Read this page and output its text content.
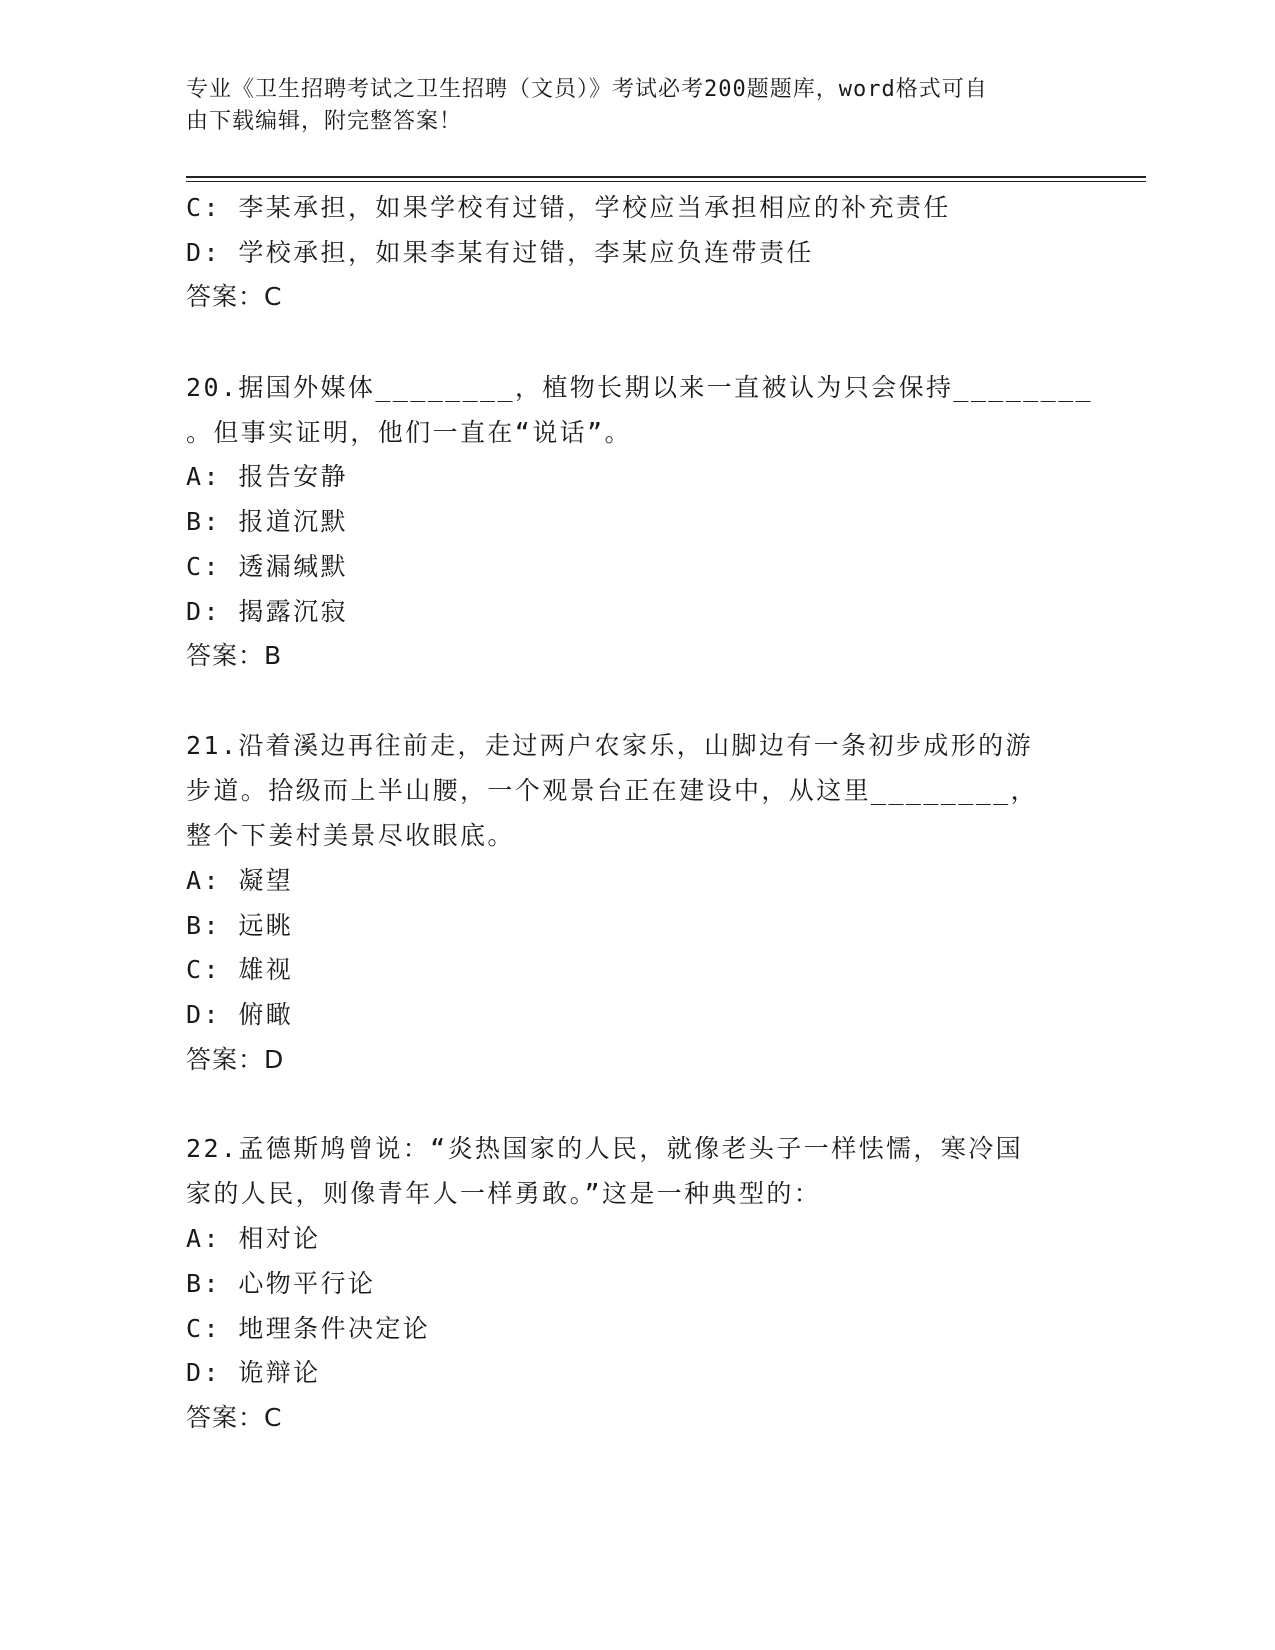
专业《卫生招聘考试之卫生招聘（文员）》考试必考200题题库，word格式可自
由下载编辑，附完整答案！
C: 李某承担，如果学校有过错，学校应当承担相应的补充责任
D: 学校承担，如果李某有过错，李某应负连带责任
答案：C
20.据国外媒体________，植物长期以来一直被认为只会保持________
。但事实证明，他们一直在“说话”。
A: 报告安静
B: 报道沉默
C: 透漏缄默
D: 揭露沉寂
答案：B
21.沿着溪边再往前走，走过两户农家乐，山脚边有一条初步成形的游
步道。拾级而上半山腰，一个观景台正在建设中，从这里________，
整个下姜村美景尽收眼底。
A: 凝望
B: 远眺
C: 雄视
D: 俯瞰
答案：D
22.孟德斯鸠曾说：“炎热国家的人民，就像老头子一样怯懦，寒冷国
家的人民，则像青年人一样勇敢。”这是一种典型的：
A: 相对论
B: 心物平行论
C: 地理条件决定论
D: 诡辩论
答案：C
